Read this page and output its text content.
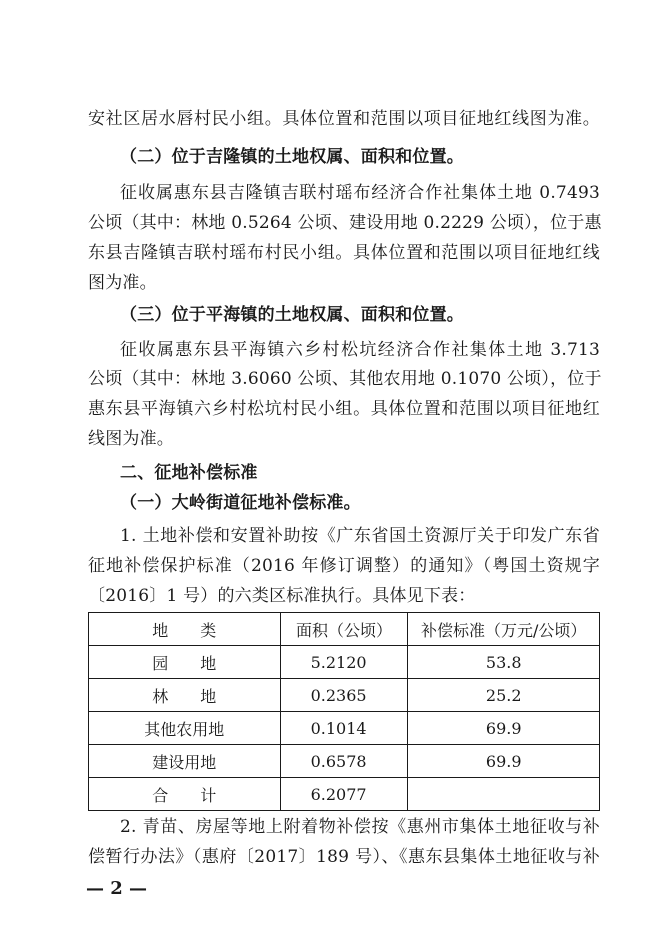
安社区居水唇村民小组。具体位置和范围以项目征地红线图为准。
（二）位于吉隆镇的土地权属、面积和位置。
征收属惠东县吉隆镇吉联村瑶布经济合作社集体土地 0.7493
公顷（其中：林地 0.5264 公顷、建设用地 0.2229 公顷），位于惠
东县吉隆镇吉联村瑶布村民小组。具体位置和范围以项目征地红线
图为准。
（三）位于平海镇的土地权属、面积和位置。
征收属惠东县平海镇六乡村松坑经济合作社集体土地 3.713
公顷（其中：林地 3.6060 公顷、其他农用地 0.1070 公顷），位于
惠东县平海镇六乡村松坑村民小组。具体位置和范围以项目征地红
线图为准。
二、征地补偿标准
（一）大岭街道征地补偿标准。
1. 土地补偿和安置补助按《广东省国土资源厅关于印发广东省
征地补偿保护标准（2016 年修订调整）的通知》（粤国土资规字
〔2016〕1 号）的六类区标准执行。具体见下表：
地　　类	面积（公顷）	补偿标准（万元/公顷）
园　　地	5.2120	53.8
林　　地	0.2365	25.2
其他农用地	0.1014	69.9
建设用地	0.6578	69.9
合　　计	6.2077	
2. 青苗、房屋等地上附着物补偿按《惠州市集体土地征收与补
偿暂行办法》（惠府〔2017〕189 号）、《惠东县集体土地征收与补
— 2 —
